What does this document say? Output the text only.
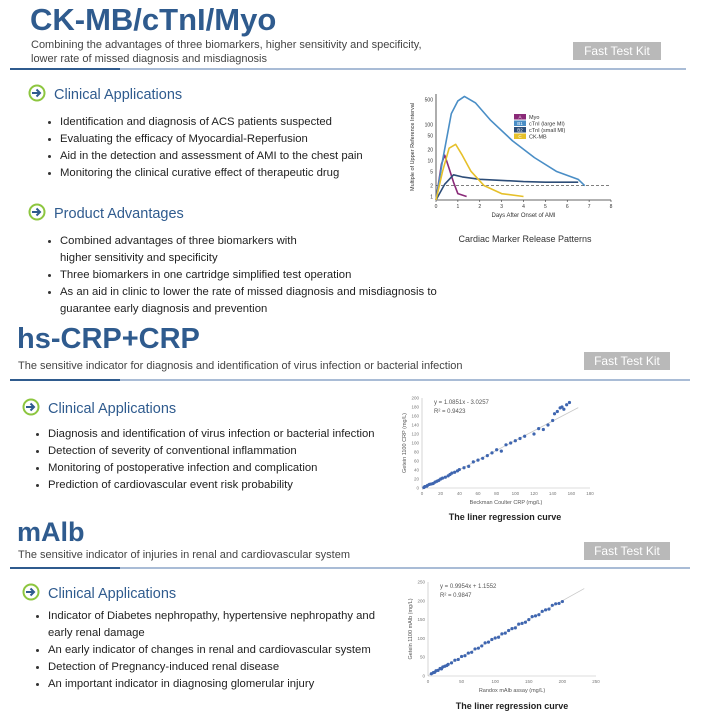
CK-MB/cTnI/Myo
Combining the advantages of three biomarkers, higher sensitivity and specificity,
lower rate of missed diagnosis and misdiagnosis
Fast Test Kit
Clinical Applications
Identification and diagnosis of ACS patients suspected
Evaluating the efficacy of Myocardial-Reperfusion
Aid in the detection and assessment of AMI to the chest pain
Monitoring the clinical curative effect of therapeutic drug
Product Advantages
Combined advantages of three biomarkers with
higher sensitivity and specificity
Three biomarkers in one cartridge simplified test operation
As an aid in clinic to lower the rate of missed diagnosis and misdiagnosis to
guarantee early diagnosis and prevention
0	1	2	3	4	5	6	7	8
1
2
5
10
20
50
100
500
Days After Onset of AMI
Multiple of Upper Reference Interval	A Myo
B1 cTnI (large MI)
B2 cTnI (small MI)
C CK-MB
Cardiac Marker Release Patterns
hs-CRP+CRP
The sensitive indicator for diagnosis and identification of virus infection or bacterial infection	Fast Test Kit
Clinical Applications
Diagnosis and identification of virus infection or bacterial infection
Detection of severity of conventional inflammation
Monitoring of postoperative infection and complication
Prediction of cardiovascular event risk probability
0	20	40	60	80	100 120 140 160 180
0
20
40
60
80
100
120
140
160
180
200
Beckman Coulter CRP (mg/L)
Getein 1100 CRP (mg/L)
y = 1.0851x - 3.0257
R² = 0.9423
The liner regression curve
mAlb
The sensitive indicator of injuries in renal and cardiovascular system	Fast Test Kit
Clinical Applications
Indicator of Diabetes nephropathy, hypertensive nephropathy and
early renal damage
An early indicator of changes in renal and cardiovascular system
Detection of Pregnancy-induced renal disease
An important indicator in diagnosing glomerular injury	0	50	100	150	200	250
0
50
100
150
200
250
Randox mAlb assay (mg/L)
Getein 1100 mAlb (mg/L)
y = 0.9954x + 1.1552
R² = 0.9847
The liner regression curve
